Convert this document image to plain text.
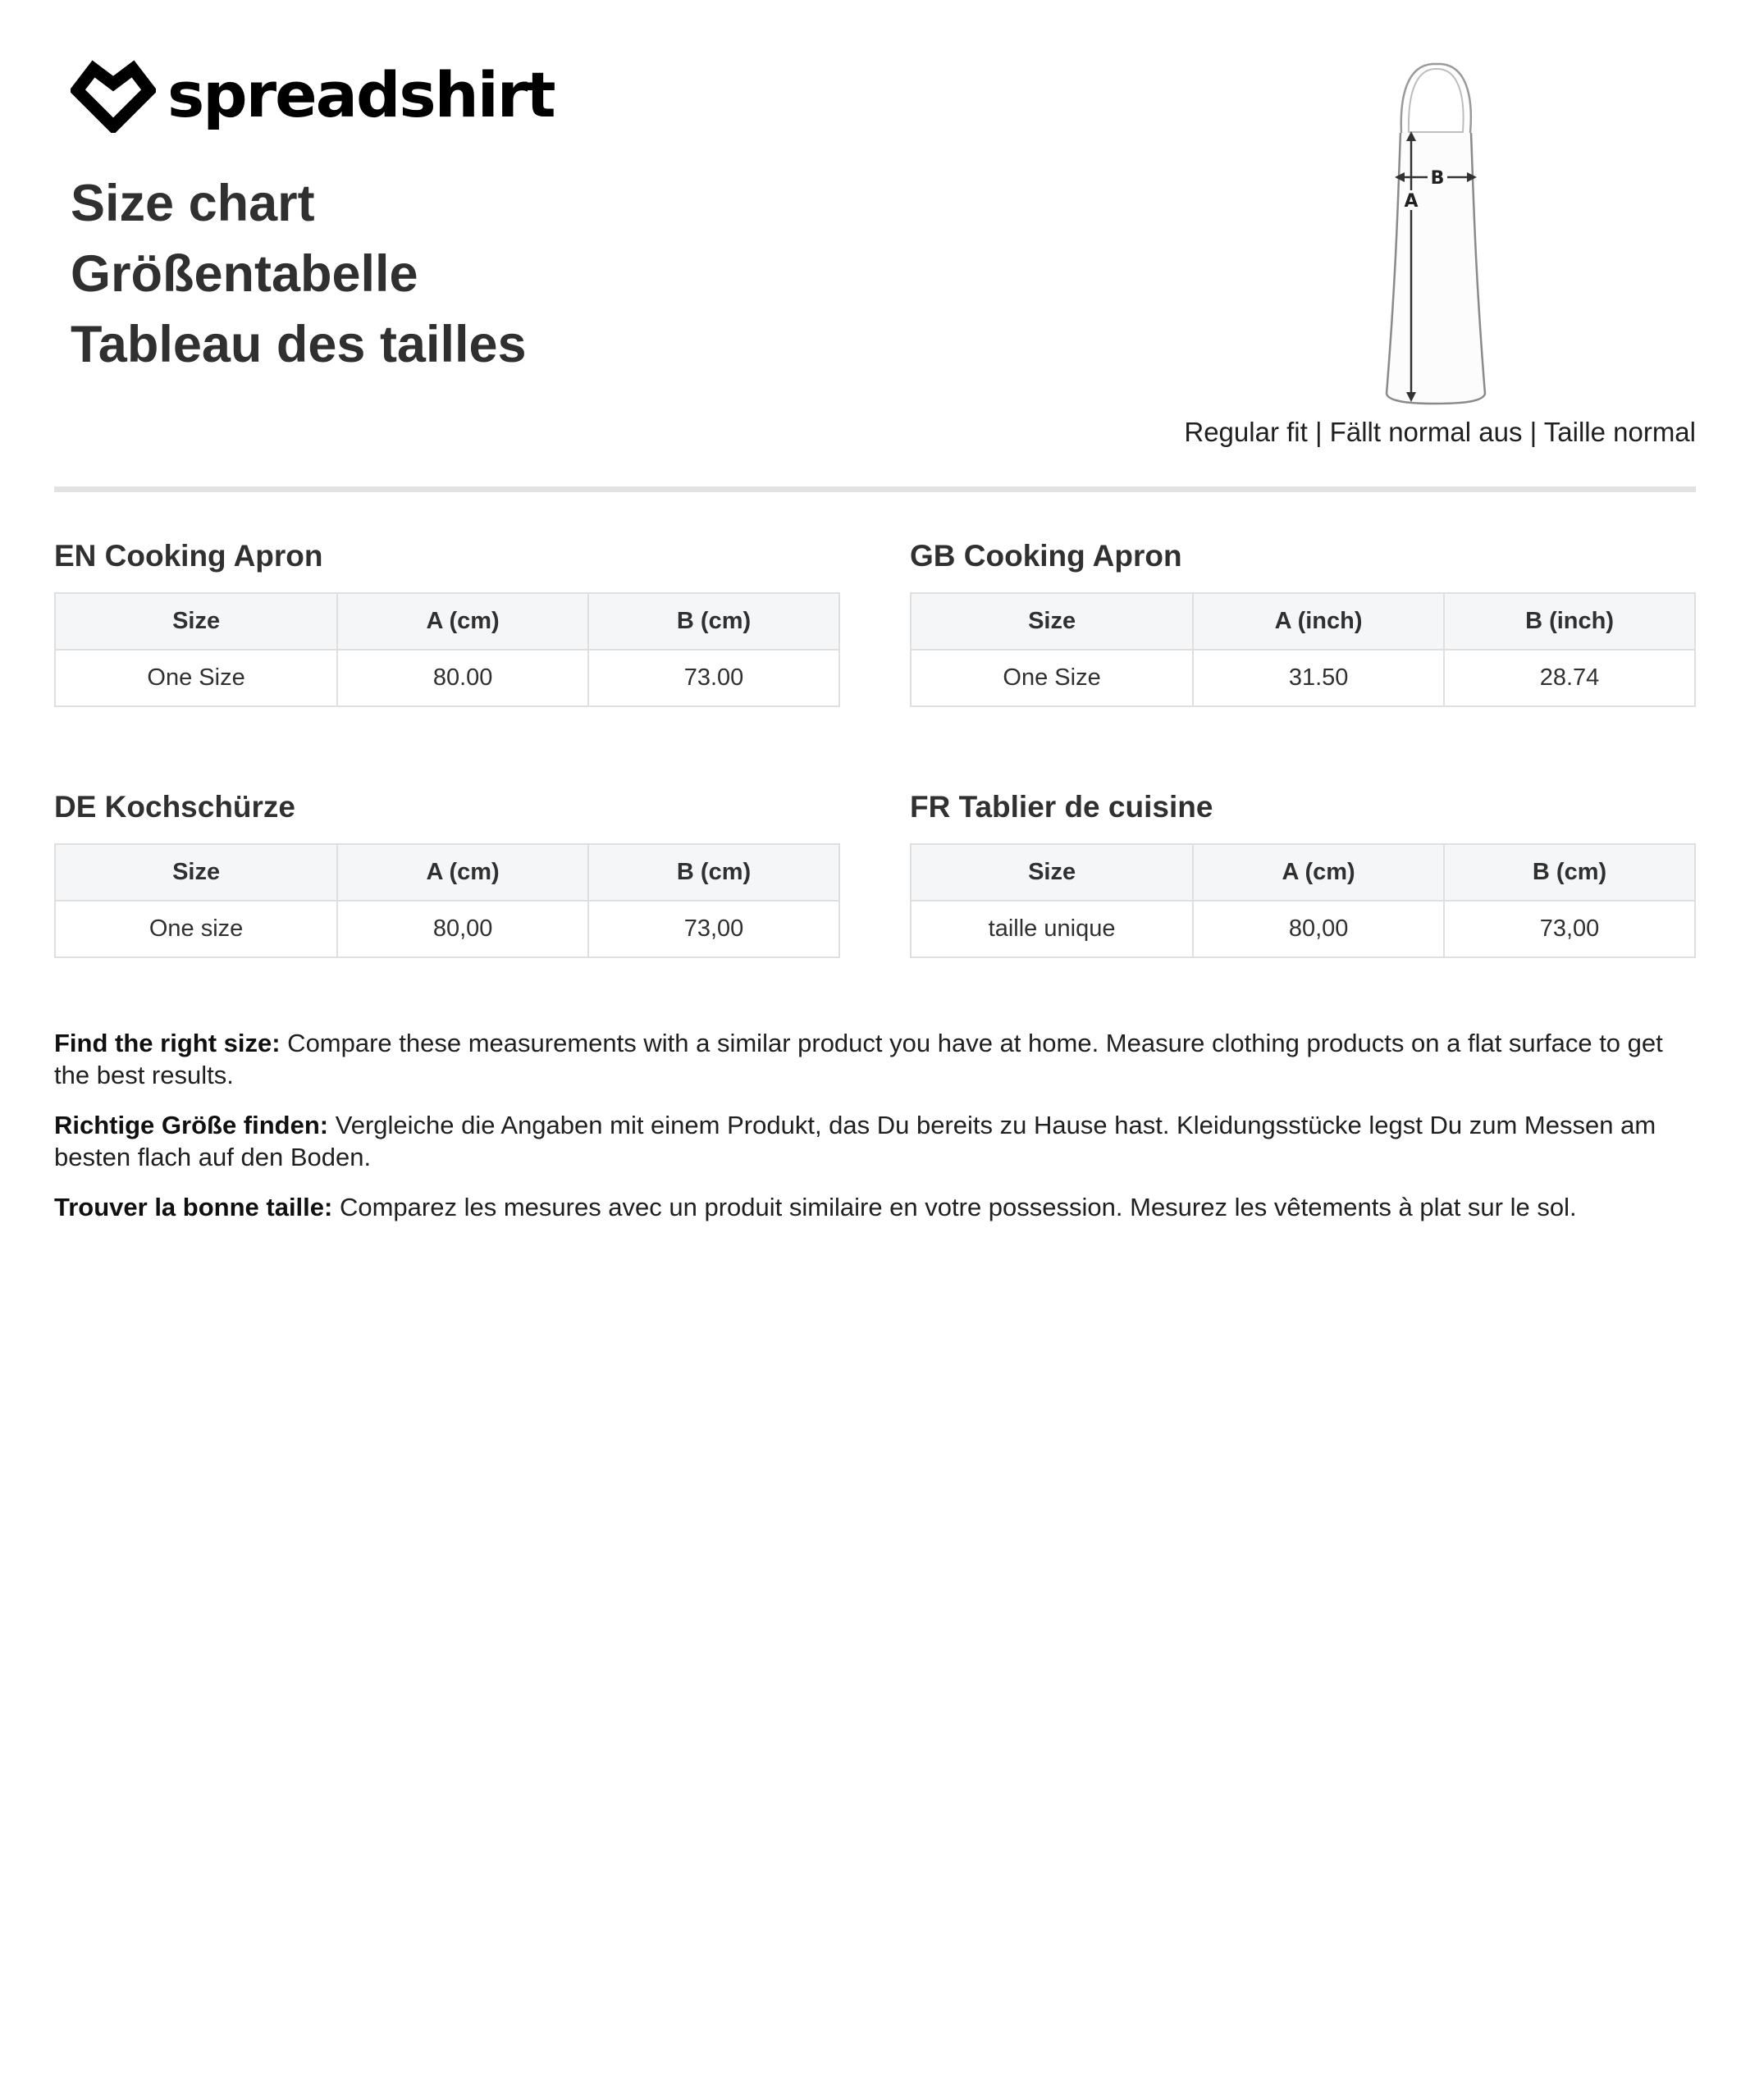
spreadshirt
Size chart
Größentabelle
Tableau des tailles
B
A
Regular fit | Fällt normal aus | Taille normal
EN Cooking Apron
Size	A (cm)	B (cm)
One Size	80.00	73.00
GB Cooking Apron
Size	A (inch)	B (inch)
One Size	31.50	28.74
DE Kochschürze
Size	A (cm)	B (cm)
One size	80,00	73,00
FR Tablier de cuisine
Size	A (cm)	B (cm)
taille unique	80,00	73,00

Find the right size: Compare these measurements with a similar product you have at home. Measure clothing products on a flat surface to get the best results.

Richtige Größe finden: Vergleiche die Angaben mit einem Produkt, das Du bereits zu Hause hast. Kleidungsstücke legst Du zum Messen am besten flach auf den Boden.

Trouver la bonne taille: Comparez les mesures avec un produit similaire en votre possession. Mesurez les vêtements à plat sur le sol.
